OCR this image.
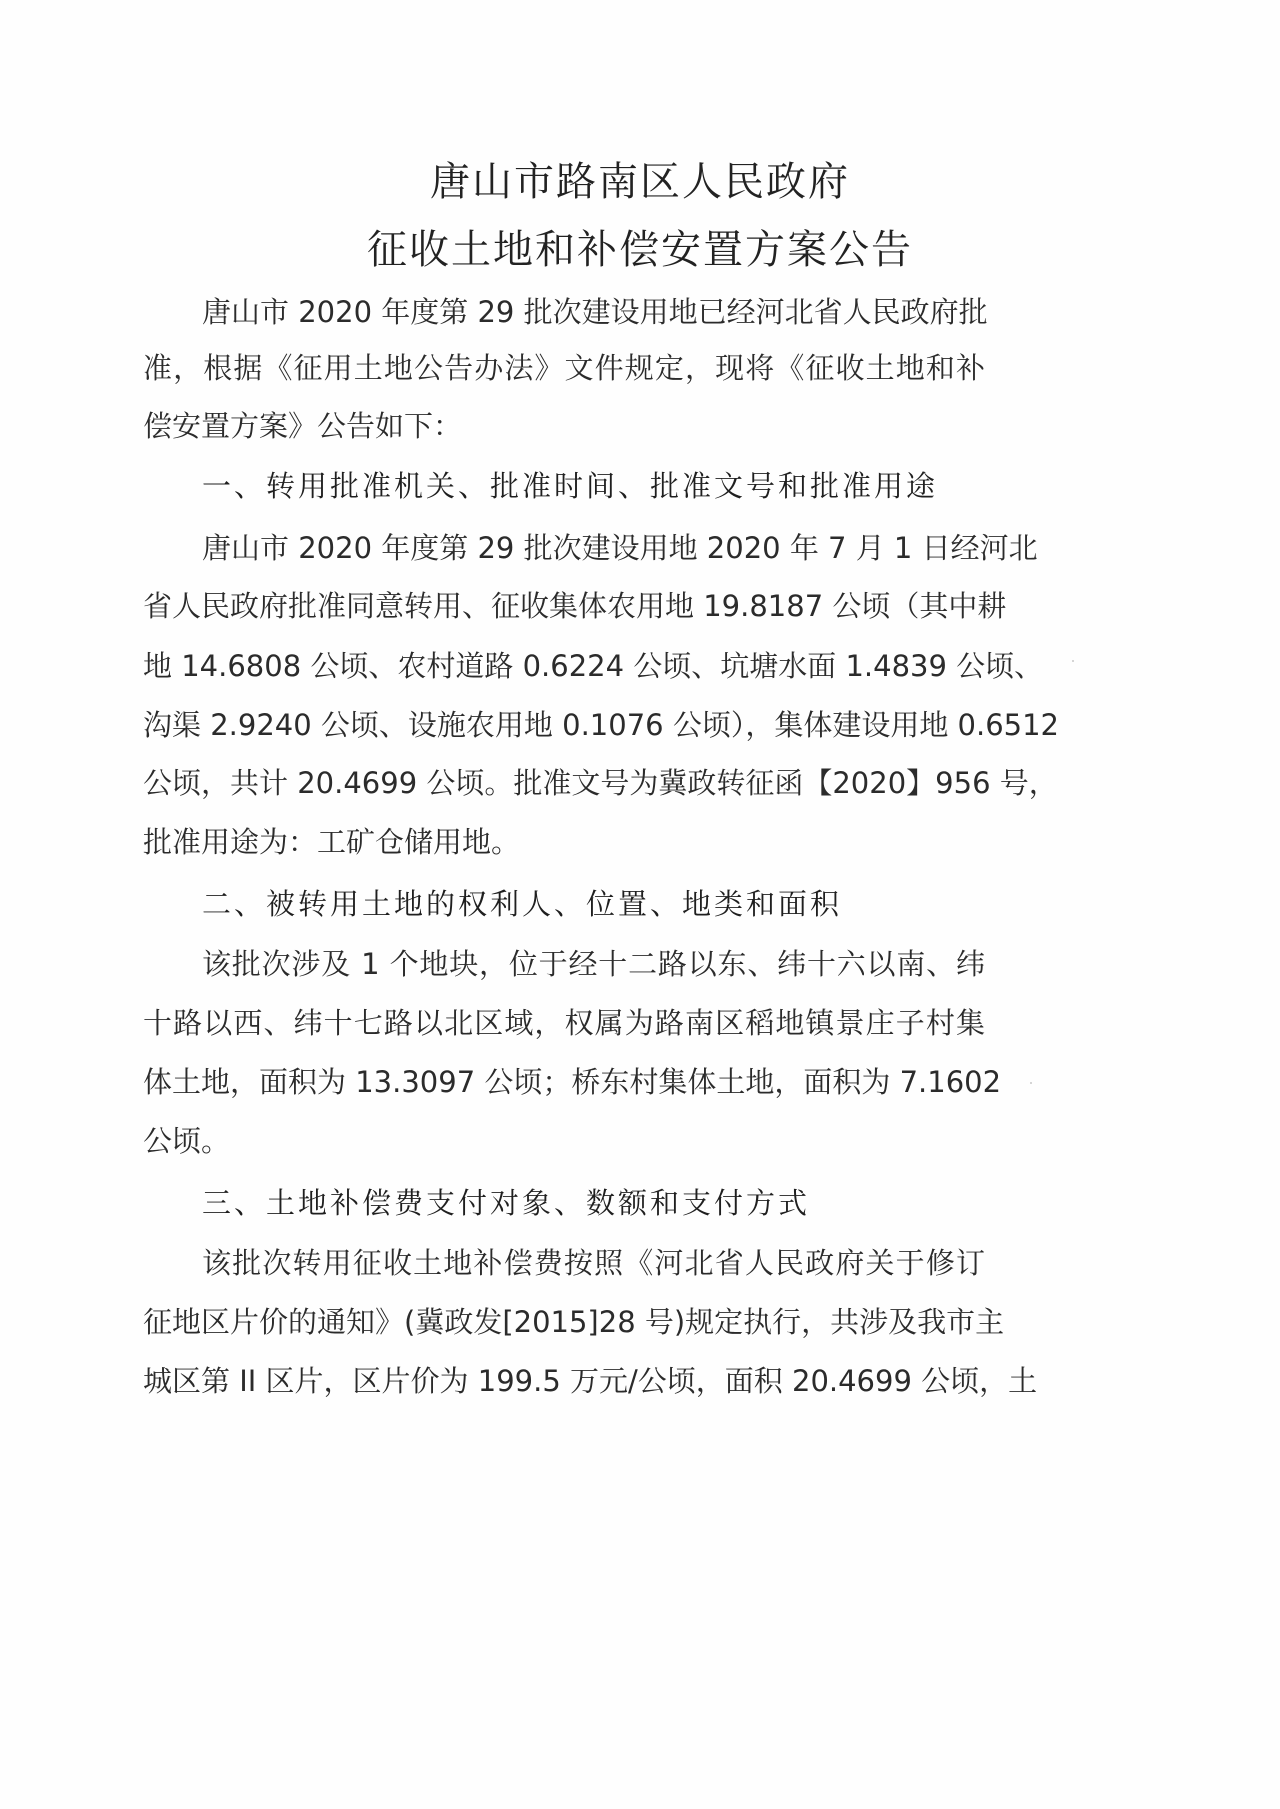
唐山市路南区人民政府
征收土地和补偿安置方案公告
唐山市 2020 年度第 29 批次建设用地已经河北省人民政府批
准，根据《征用土地公告办法》文件规定，现将《征收土地和补
偿安置方案》公告如下：
一、转用批准机关、批准时间、批准文号和批准用途
唐山市 2020 年度第 29 批次建设用地 2020 年 7 月 1 日经河北
省人民政府批准同意转用、征收集体农用地 19.8187 公顷（其中耕
地 14.6808 公顷、农村道路 0.6224 公顷、坑塘水面 1.4839 公顷、
沟渠 2.9240 公顷、设施农用地 0.1076 公顷），集体建设用地 0.6512
公顷，共计 20.4699 公顷。批准文号为冀政转征函【2020】956 号，
批准用途为：工矿仓储用地。
二、被转用土地的权利人、位置、地类和面积
该批次涉及 1 个地块，位于经十二路以东、纬十六以南、纬
十路以西、纬十七路以北区域，权属为路南区稻地镇景庄子村集
体土地，面积为 13.3097 公顷；桥东村集体土地，面积为 7.1602
公顷。
三、土地补偿费支付对象、数额和支付方式
该批次转用征收土地补偿费按照《河北省人民政府关于修订
征地区片价的通知》(冀政发[2015]28 号)规定执行，共涉及我市主
城区第 II 区片，区片价为 199.5 万元/公顷，面积 20.4699 公顷，土
